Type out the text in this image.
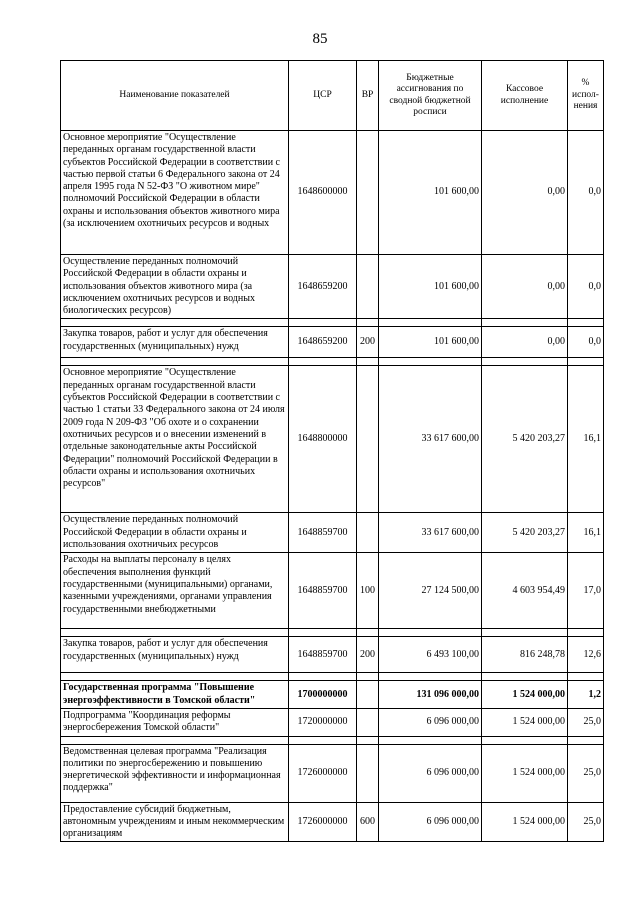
85
Наименование показателей	ЦСР	ВР	Бюджетные ассигнования по сводной бюджетной росписи	Кассовое исполнение	% испол-нения
Основное мероприятие "Осуществление переданных органам государственной власти субъектов Российской Федерации в соответствии с частью первой статьи 6 Федерального закона от 24 апреля 1995 года N 52-ФЗ "О животном мире" полномочий Российской Федерации в области охраны и использования объектов животного мира (за исключением охотничьих ресурсов и водных	1648600000		101 600,00	0,00	0,0
Осуществление переданных полномочий Российской Федерации в области охраны и использования объектов животного мира (за исключением охотничьих ресурсов и водных биологических ресурсов)	1648659200		101 600,00	0,00	0,0

Закупка товаров, работ и услуг для обеспечения государственных (муниципальных) нужд	1648659200	200	101 600,00	0,00	0,0

Основное мероприятие "Осуществление переданных органам государственной власти субъектов Российской Федерации в соответствии с частью 1 статьи 33 Федерального закона от 24 июля 2009 года N 209-ФЗ "Об охоте и о сохранении охотничьих ресурсов и о внесении изменений в отдельные законодательные акты Российской Федерации" полномочий Российской Федерации в области охраны и использования охотничьих ресурсов"	1648800000		33 617 600,00	5 420 203,27	16,1
Осуществление переданных полномочий Российской Федерации в области охраны и использования охотничьих ресурсов	1648859700		33 617 600,00	5 420 203,27	16,1
Расходы на выплаты персоналу в целях обеспечения выполнения функций государственными (муниципальными) органами, казенными учреждениями, органами управления государственными внебюджетными	1648859700	100	27 124 500,00	4 603 954,49	17,0

Закупка товаров, работ и услуг для обеспечения государственных (муниципальных) нужд	1648859700	200	6 493 100,00	816 248,78	12,6

Государственная программа "Повышение энергоэффективности в Томской области"	1700000000		131 096 000,00	1 524 000,00	1,2
Подпрограмма "Координация реформы энергосбережения Томской области"	1720000000		6 096 000,00	1 524 000,00	25,0

Ведомственная целевая программа "Реализация политики по энергосбережению и повышению энергетической эффективности и информационная поддержка"	1726000000		6 096 000,00	1 524 000,00	25,0
Предоставление субсидий бюджетным, автономным учреждениям и иным некоммерческим организациям	1726000000	600	6 096 000,00	1 524 000,00	25,0
